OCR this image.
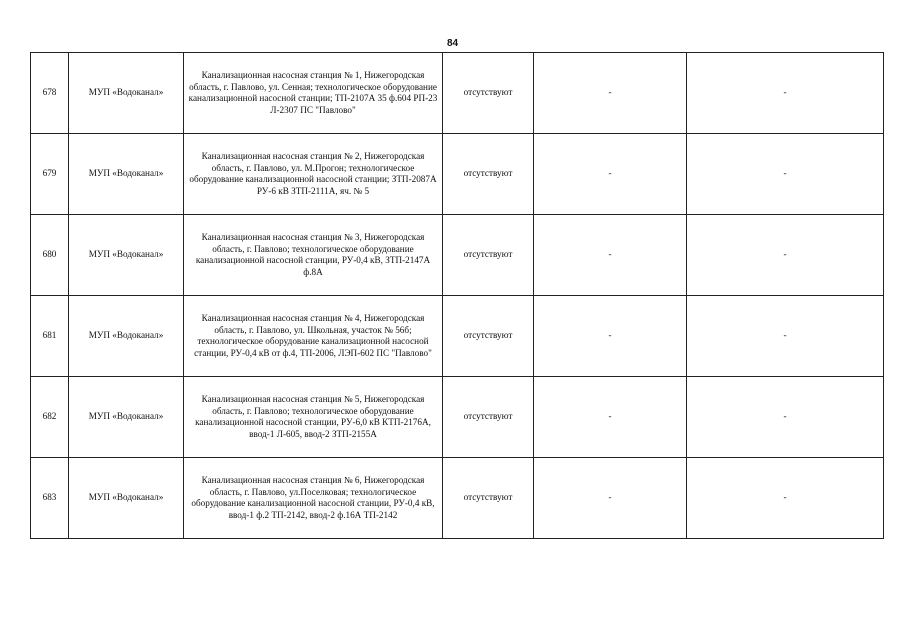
84
678	МУП «Водоканал»	Канализационная насосная станция № 1, Нижегородская область, г. Павлово, ул. Сенная; технологическое оборудование канализационной насосной станции; ТП-2107А 35 ф.604 РП-23 Л-2307 ПС "Павлово"	отсутствуют	-	-
679	МУП «Водоканал»	Канализационная насосная станция № 2, Нижегородская область, г. Павлово, ул. М.Прогон; технологическое оборудование канализационной насосной станции; ЗТП-2087А РУ-6 кВ ЗТП-2111А, яч. № 5	отсутствуют	-	-
680	МУП «Водоканал»	Канализационная насосная станция № 3, Нижегородская область, г. Павлово; технологическое оборудование канализационной насосной станции, РУ-0,4 кВ, ЗТП-2147А ф.8А	отсутствуют	-	-
681	МУП «Водоканал»	Канализационная насосная станция № 4, Нижегородская область, г. Павлово, ул. Школьная, участок № 56б; технологическое оборудование канализационной насосной станции, РУ-0,4 кВ от ф.4, ТП-2006, ЛЭП-602 ПС "Павлово"	отсутствуют	-	-
682	МУП «Водоканал»	Канализационная насосная станция № 5, Нижегородская область, г. Павлово; технологическое оборудование канализационной насосной станции, РУ-6,0 кВ КТП-2176А, ввод-1 Л-605, ввод-2 ЗТП-2155А	отсутствуют	-	-
683	МУП «Водоканал»	Канализационная насосная станция № 6, Нижегородская область, г. Павлово, ул.Поселковая; технологическое оборудование канализационной насосной станции, РУ-0,4 кВ, ввод-1 ф.2 ТП-2142, ввод-2 ф.16А ТП-2142	отсутствуют	-	-
